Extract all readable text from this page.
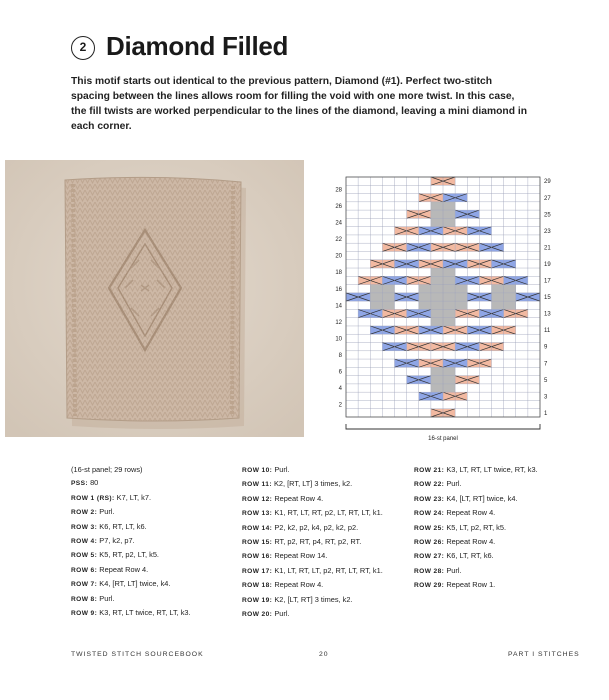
2 Diamond Filled

This motif starts out identical to the previous pattern, Diamond (#1). Perfect two-stitch spacing between the lines allows room for filling the void with one more twist. In this case, the fill twists are worked perpendicular to the lines of the diamond, leaving a mini diamond in each corner.

28
26
24
22
20
18
16
14
12
10
8
6
4
2
29
27
25
23
21
19
17
15
13
11
9
7
5
3
1
16-st panel
(16-st panel; 29 rows)
PSS: 80
ROW 1 (RS): K7, LT, k7.
ROW 2: Purl.
ROW 3: K6, RT, LT, k6.
ROW 4: P7, k2, p7.
ROW 5: K5, RT, p2, LT, k5.
ROW 6: Repeat Row 4.
ROW 7: K4, [RT, LT] twice, k4.
ROW 8: Purl.
ROW 9: K3, RT, LT twice, RT, LT, k3.
ROW 10: Purl.
ROW 11: K2, [RT, LT] 3 times, k2.
ROW 12: Repeat Row 4.
ROW 13: K1, RT, LT, RT, p2, LT, RT, LT, k1.
ROW 14: P2, k2, p2, k4, p2, k2, p2.
ROW 15: RT, p2, RT, p4, RT, p2, RT.
ROW 16: Repeat Row 14.
ROW 17: K1, LT, RT, LT, p2, RT, LT, RT, k1.
ROW 18: Repeat Row 4.
ROW 19: K2, [LT, RT] 3 times, k2.
ROW 20: Purl.
ROW 21: K3, LT, RT, LT twice, RT, k3.
ROW 22: Purl.
ROW 23: K4, [LT, RT] twice, k4.
ROW 24: Repeat Row 4.
ROW 25: K5, LT, p2, RT, k5.
ROW 26: Repeat Row 4.
ROW 27: K6, LT, RT, k6.
ROW 28: Purl.
ROW 29: Repeat Row 1.
TWISTED STITCH SOURCEBOOK	20	PART I STITCHES
